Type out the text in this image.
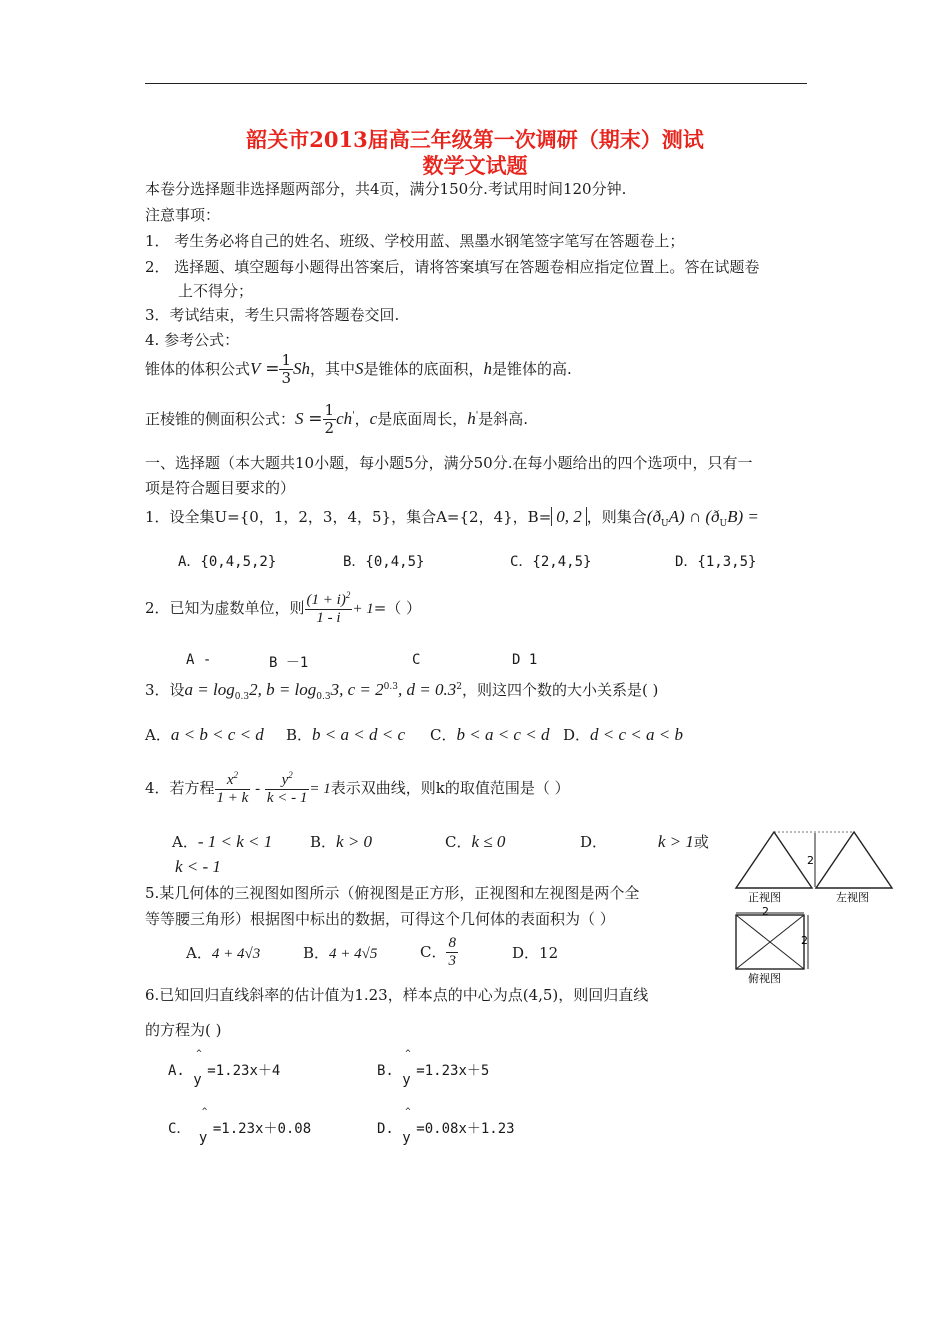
韶关市2013届高三年级第一次调研（期末）测试
数学文试题
本卷分选择题非选择题两部分，共4页，满分150分.考试用时间120分钟.
注意事项：
1． 考生务必将自己的姓名、班级、学校用蓝、黑墨水钢笔签字笔写在答题卷上；
2． 选择题、填空题每小题得出答案后，请将答案填写在答题卷相应指定位置上。答在试题卷
上不得分；
3．考试结束，考生只需将答题卷交回.
4. 参考公式：
锥体的体积公式$V = \frac{1}{3}$ Sh，其中S是锥体的底面积，h是锥体的高.
正棱锥的侧面积公式：$S = \frac{1}{2} ch'$，c是底面周长，h'是斜高.
一、选择题（本大题共10小题，每小题5分，满分50分.在每小题给出的四个选项中，只有一
项是符合题目要求的）
1．设全集U={0，1，2，3，4，5}，集合A={2，4}，B= 0, 2 ，则集合$(ð_UA)$ ∩ $(ð_UB)$ =
A．{0,4,5,2}	B．{0,4,5}	C．{2,4,5}	D．{1,3,5}
2．已知为虚数单位，则 $\frac{(1 + i)^2}{1 - i} + 1=$（ ）
A -	B －1	C	D 1
3．设$a = \log_{0.3}2$, $b = \log_{0.3}3$, $c = 2^{0.3}$, $d = 0.3^2$，则这四个数的大小关系是( )
A．a < b < c < d B．b < a < d < c C．b < a < c < d D．d < c < a < b
4．若方程 $\frac{x^2}{1 + k} - \frac{y^2}{k < - 1} = 1$表示双曲线，则k的取值范围是（ ）
A．- 1 < k < 1	B．k > 0	C．k ≤ 0	D．	k > 1或
k < - 1
5.某几何体的三视图如图所示（俯视图是正方形，正视图和左视图是两个全
等等腰三角形）根据图中标出的数据，可得这个几何体的表面积为（ ）
A．4 + 4√3	B．4 + 4√5	C． $\frac{8}{3}$	D．12
2
正视图	左视图
2
2
俯视图
6.已知回归直线斜率的估计值为1.23，样本点的中心为点(4,5)，则回归直线
的方程为( )
A.
^
y=1.23x＋4	B.
^
y=1.23x＋5
C．
^
y=1.23x＋0.08	D.
^
y=0.08x＋1.23
